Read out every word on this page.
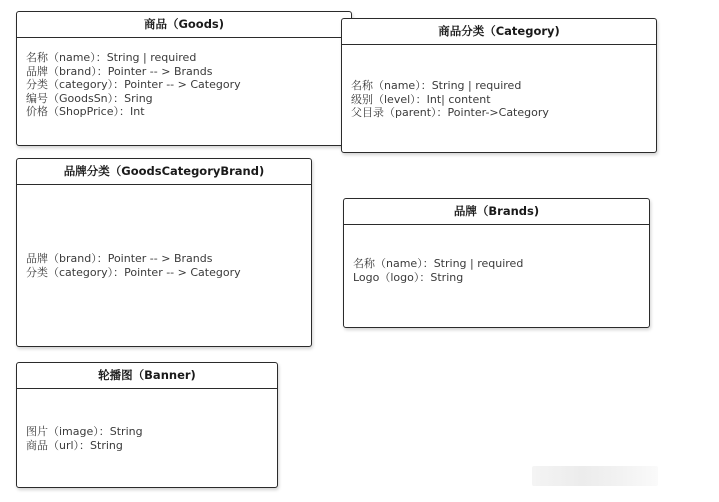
商品（Goods)
名称（name）：String | required
品牌（brand）：Pointer -- > Brands
分类（category）：Pointer -- > Category
编号（GoodsSn）：Sring
价格（ShopPrice）：Int
商品分类（Category)
名称（name）：String | required
级别（level）：Int| content
父目录（parent）：Pointer->Category
品牌分类（GoodsCategoryBrand)
品牌（brand）：Pointer -- > Brands
分类（category）：Pointer -- > Category
品牌（Brands)
名称（name）：String | required
Logo（logo）：String
轮播图（Banner)
图片（image）：String
商品（url）：String
